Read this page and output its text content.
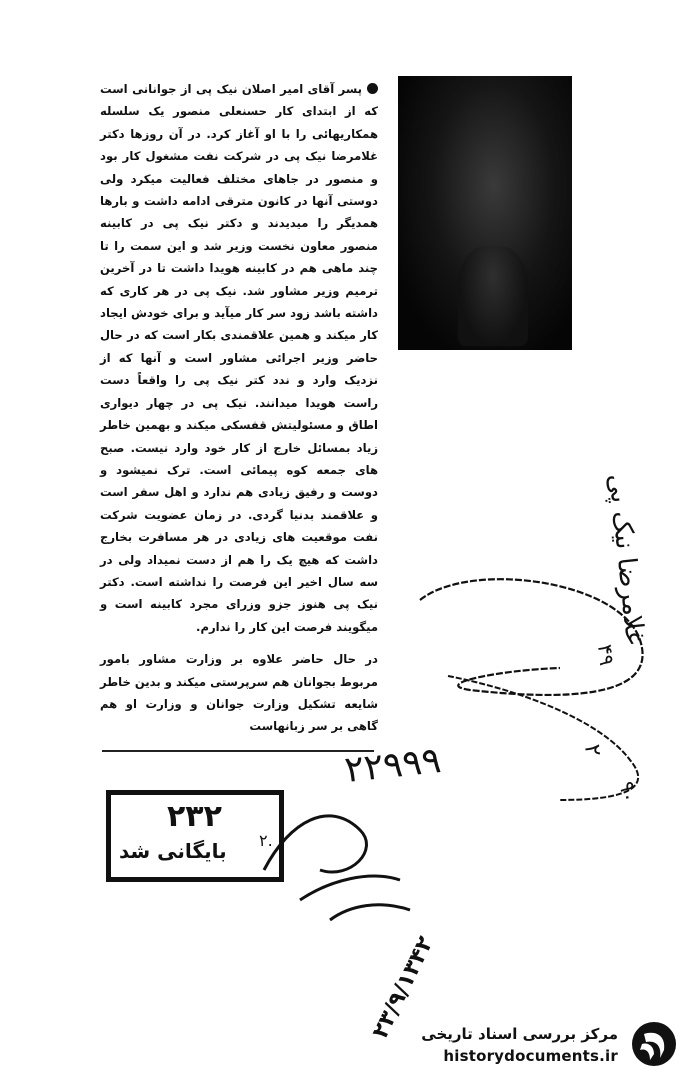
پسر آقای امیر اصلان نیک پی از جوانانی است که از ابتدای کار حسنعلی منصور یک سلسله همکاریهائی را با او آغاز کرد. در آن روزها دکتر غلامرضا نیک پی در شرکت نفت مشغول کار بود و منصور در جاهای مختلف فعالیت میکرد ولی دوستی آنها در کانون مترقی ادامه داشت و بارها همدیگر را میدیدند و دکتر نیک پی در کابینه منصور معاون نخست وزیر شد و این سمت را تا چند ماهی هم در کابینه هویدا داشت تا در آخرین ترمیم وزیر مشاور شد. نیک پی در هر کاری که داشته باشد زود سر کار میآید و برای خودش ایجاد کار میکند و همین علاقمندی بکار است که در حال حاضر وزیر اجرائی مشاور است و آنها که از نزدیک وارد و ندد کتر نیک پی را واقعاً دست راست هویدا میدانند. نیک پی در چهار دیواری اطاق و مسئولیتش قفسکی میکند و بهمین خاطر زیاد بمسائل خارج از کار خود وارد نیست. صبح های جمعه کوه پیمائی است. ترک نمیشود و دوست و رفیق زیادی هم ندارد و اهل سفر است و علاقمند بدنیا گردی. در زمان عضویت شرکت نفت موقعیت های زیادی در هر مسافرت بخارج داشت که هیچ یک را هم از دست نمیداد ولی در سه سال اخیر این فرصت را نداشته است. دکتر نیک پی هنوز جزو وزرای مجرد کابینه است و میگویند فرصت این کار را ندارم.

در حال حاضر علاوه بر وزارت مشاور بامور مربوط بجوانان هم سرپرستی میکند و بدین خاطر شایعه تشکیل وزارت جوانان و وزارت او هم گاهی بر سر زبانهاست

۲۳۲
بایگانی شد ۲.
غلامرضا نیک پی
۴۹
۲
۹۰
۲۲۹۹۹
۲۳/۹/۱۳۴۲
مرکز بررسی اسناد تاریخی
historydocuments.ir
